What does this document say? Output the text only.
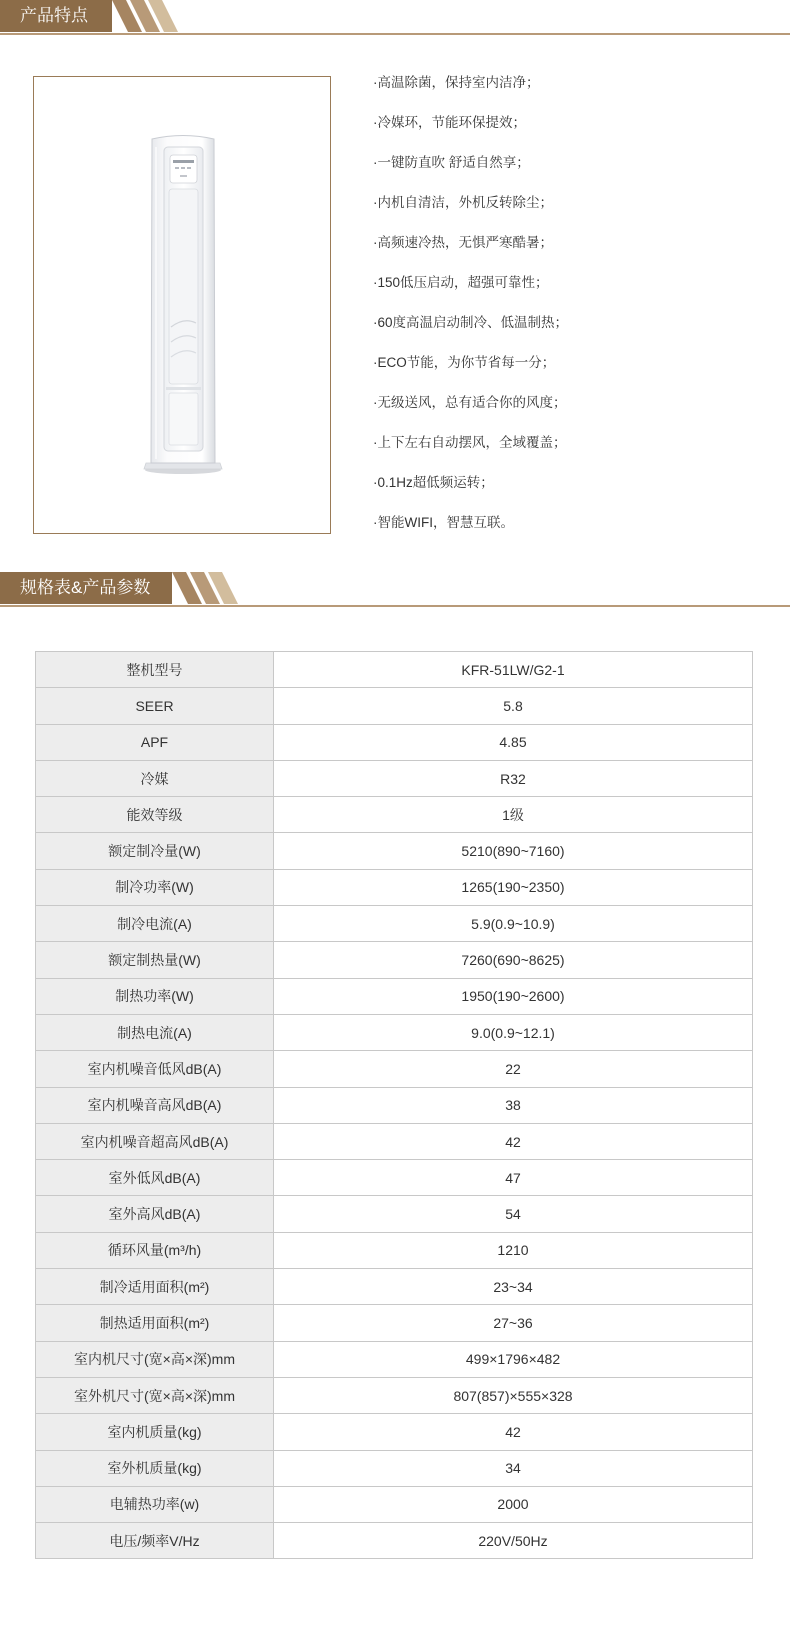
产品特点
·高温除菌，保持室内洁净；
·冷媒环，节能环保提效；
·一键防直吹 舒适自然享；
·内机自清洁，外机反转除尘；
·高频速冷热，无惧严寒酷暑；
·150低压启动，超强可靠性；
·60度高温启动制冷、低温制热；
·ECO节能，为你节省每一分；
·无级送风，总有适合你的风度；
·上下左右自动摆风，全域覆盖；
·0.1Hz超低频运转；
·智能WIFI，智慧互联。
规格表&产品参数
整机型号	KFR-51LW/G2-1
SEER	5.8
APF	4.85
冷媒	R32
能效等级	1级
额定制冷量(W)	5210(890~7160)
制冷功率(W)	1265(190~2350)
制冷电流(A)	5.9(0.9~10.9)
额定制热量(W)	7260(690~8625)
制热功率(W)	1950(190~2600)
制热电流(A)	9.0(0.9~12.1)
室内机噪音低风dB(A)	22
室内机噪音高风dB(A)	38
室内机噪音超高风dB(A)	42
室外低风dB(A)	47
室外高风dB(A)	54
循环风量(m³/h)	1210
制冷适用面积(m²)	23~34
制热适用面积(m²)	27~36
室内机尺寸(宽×高×深)mm	499×1796×482
室外机尺寸(宽×高×深)mm	807(857)×555×328
室内机质量(kg)	42
室外机质量(kg)	34
电辅热功率(w)	2000
电压/频率V/Hz	220V/50Hz
